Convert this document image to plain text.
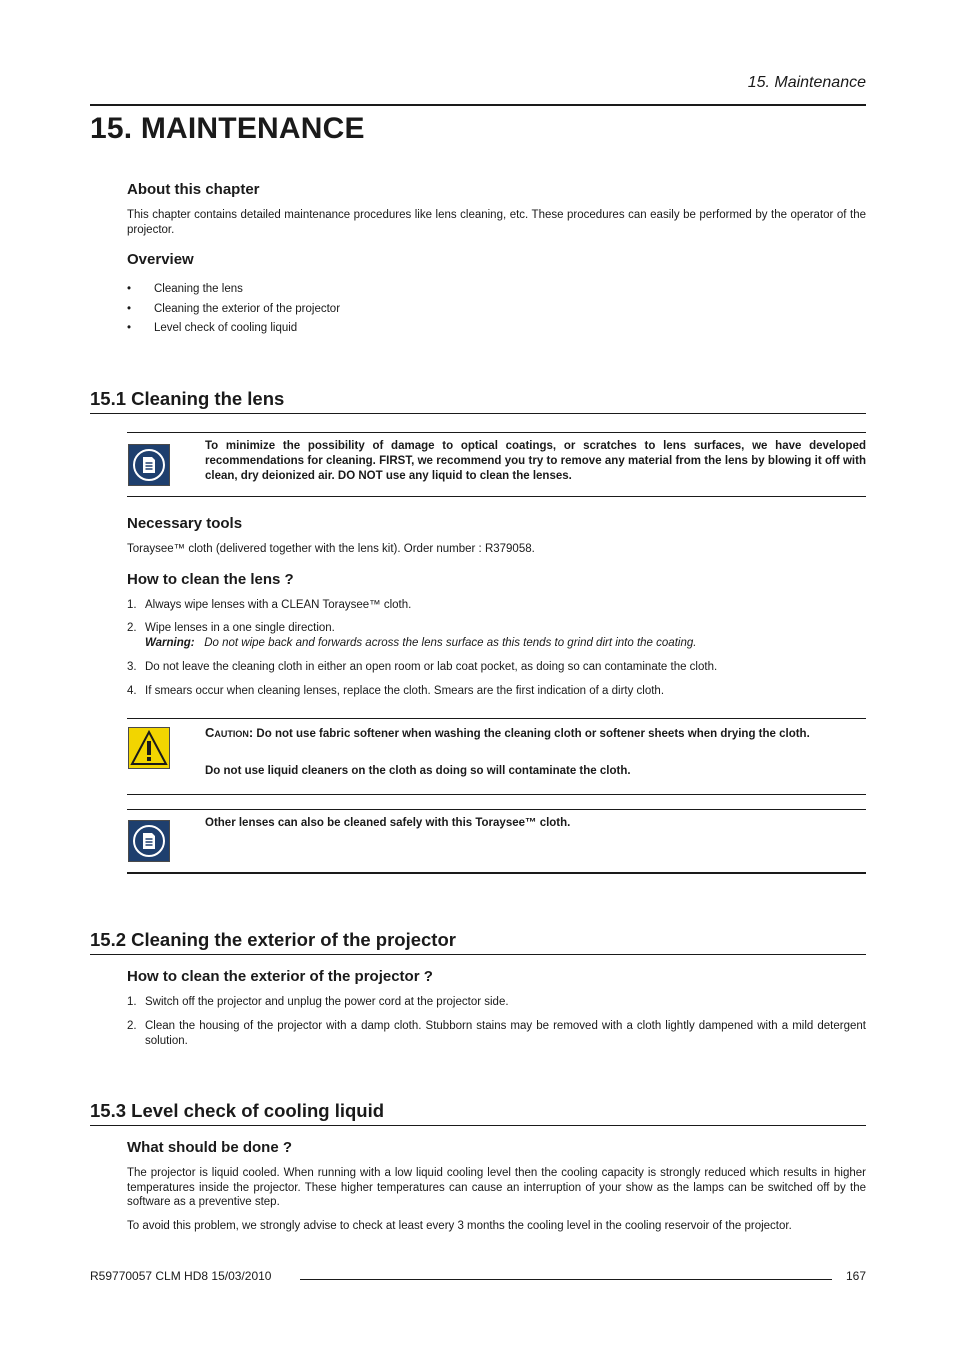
15. Maintenance
15. MAINTENANCE
About this chapter

This chapter contains detailed maintenance procedures like lens cleaning, etc. These procedures can easily be performed by the operator of the projector.

Overview
• Cleaning the lens
• Cleaning the exterior of the projector
• Level check of cooling liquid
15.1 Cleaning the lens

To minimize the possibility of damage to optical coatings, or scratches to lens surfaces, we have developed recommendations for cleaning. FIRST, we recommend you try to remove any material from the lens by blowing it off with clean, dry deionized air. DO NOT use any liquid to clean the lenses.

Necessary tools

Toraysee™ cloth (delivered together with the lens kit). Order number : R379058.

How to clean the lens ?
1. Always wipe lenses with a CLEAN Toraysee™ cloth.
2. Wipe lenses in a one single direction.
Warning: Do not wipe back and forwards across the lens surface as this tends to grind dirt into the coating.
3. Do not leave the cleaning cloth in either an open room or lab coat pocket, as doing so can contaminate the cloth.
4. If smears occur when cleaning lenses, replace the cloth. Smears are the first indication of a dirty cloth.

Caution: Do not use fabric softener when washing the cleaning cloth or softener sheets when drying the cloth.

Do not use liquid cleaners on the cloth as doing so will contaminate the cloth.

Other lenses can also be cleaned safely with this Toraysee™ cloth.

15.2 Cleaning the exterior of the projector
How to clean the exterior of the projector ?
1. Switch off the projector and unplug the power cord at the projector side.
2. Clean the housing of the projector with a damp cloth. Stubborn stains may be removed with a cloth lightly dampened with a mild detergent solution.
15.3 Level check of cooling liquid
What should be done ?

The projector is liquid cooled. When running with a low liquid cooling level then the cooling capacity is strongly reduced which results in higher temperatures inside the projector. These higher temperatures can cause an interruption of your show as the lamps can be switched off by the software as a preventive step.

To avoid this problem, we strongly advise to check at least every 3 months the cooling level in the cooling reservoir of the projector.

R59770057 CLM HD8 15/03/2010	167
